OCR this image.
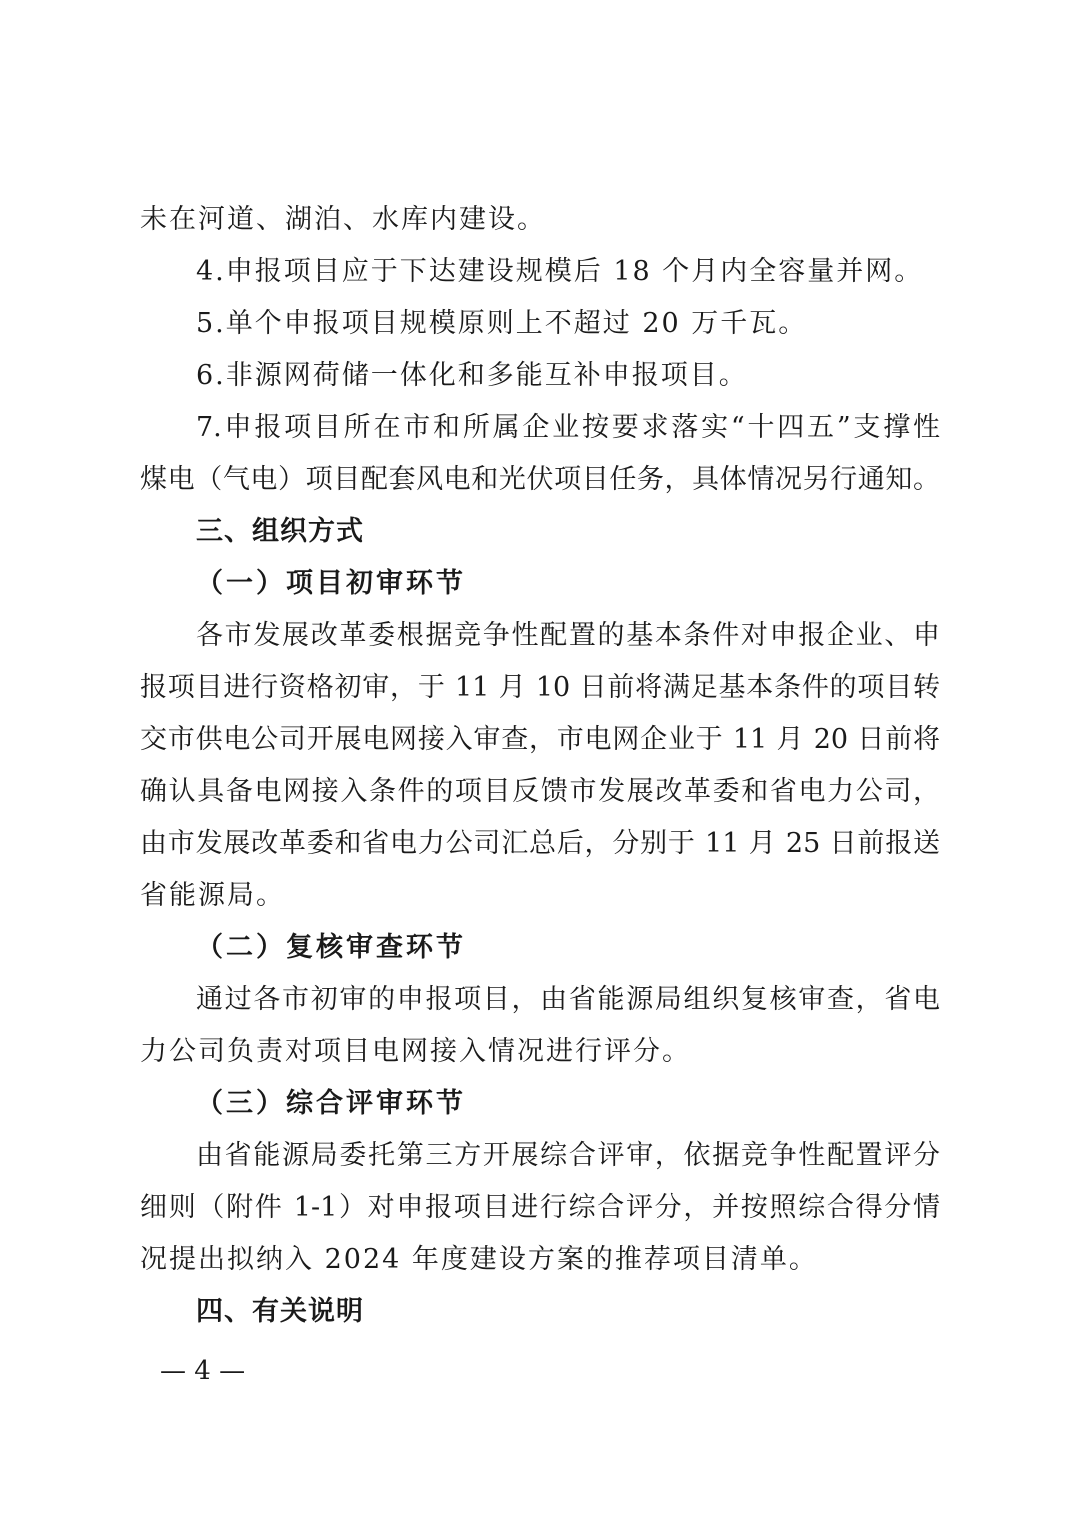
未在河道、湖泊、水库内建设。
4.申报项目应于下达建设规模后 18 个月内全容量并网。
5.单个申报项目规模原则上不超过 20 万千瓦。
6.非源网荷储一体化和多能互补申报项目。
7.申报项目所在市和所属企业按要求落实“十四五”支撑性
煤电（气电）项目配套风电和光伏项目任务，具体情况另行通知。
三、组织方式
（一）项目初审环节
各市发展改革委根据竞争性配置的基本条件对申报企业、申
报项目进行资格初审，于 11 月 10 日前将满足基本条件的项目转
交市供电公司开展电网接入审查，市电网企业于 11 月 20 日前将
确认具备电网接入条件的项目反馈市发展改革委和省电力公司，
由市发展改革委和省电力公司汇总后，分别于 11 月 25 日前报送
省能源局。
（二）复核审查环节
通过各市初审的申报项目，由省能源局组织复核审查，省电
力公司负责对项目电网接入情况进行评分。
（三）综合评审环节
由省能源局委托第三方开展综合评审，依据竞争性配置评分
细则（附件 1-1）对申报项目进行综合评分，并按照综合得分情
况提出拟纳入 2024 年度建设方案的推荐项目清单。
四、有关说明
— 4 —
